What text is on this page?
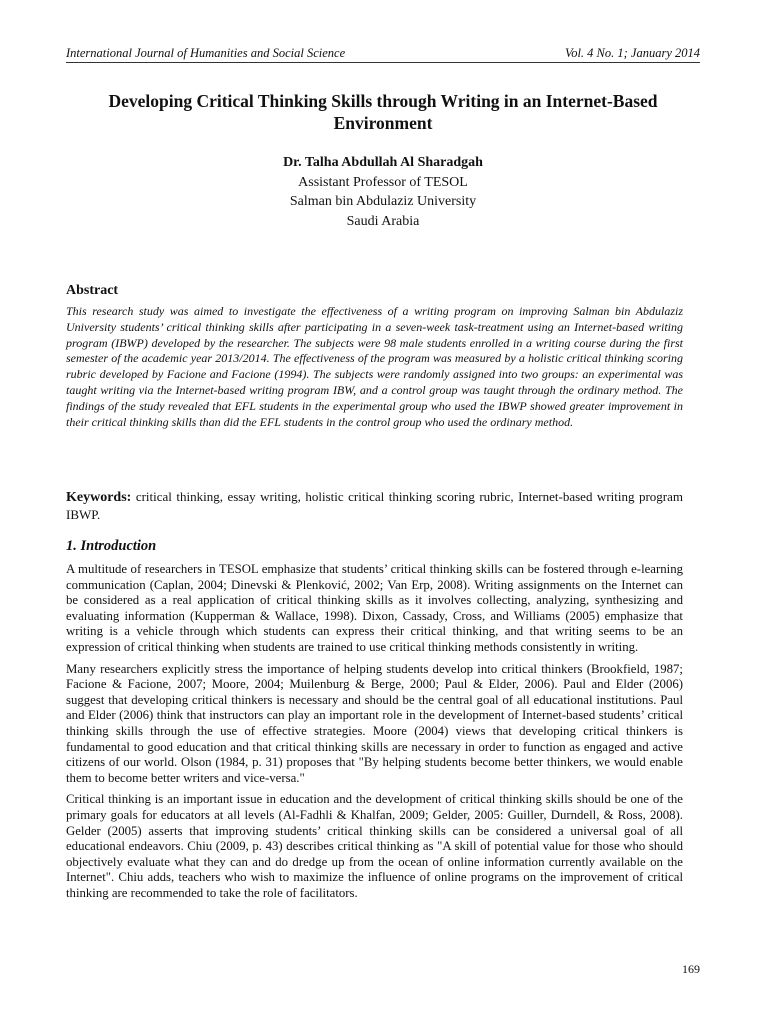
International Journal of Humanities and Social Science	Vol. 4 No. 1; January 2014
Developing Critical Thinking Skills through Writing in an Internet-Based Environment
Dr. Talha Abdullah Al Sharadgah
Assistant Professor of TESOL
Salman bin Abdulaziz University
Saudi Arabia
Abstract

This research study was aimed to investigate the effectiveness of a writing program on improving Salman bin Abdulaziz University students’ critical thinking skills after participating in a seven-week task-treatment using an Internet-based writing program (IBWP) developed by the researcher. The subjects were 98 male students enrolled in a writing course during the first semester of the academic year 2013/2014. The effectiveness of the program was measured by a holistic critical thinking scoring rubric developed by Facione and Facione (1994). The subjects were randomly assigned into two groups: an experimental was taught writing via the Internet-based writing program IBW, and a control group was taught through the ordinary method. The findings of the study revealed that EFL students in the experimental group who used the IBWP showed greater improvement in their critical thinking skills than did the EFL students in the control group who used the ordinary method.

Keywords: critical thinking, essay writing, holistic critical thinking scoring rubric, Internet-based writing program IBWP.

1. Introduction

A multitude of researchers in TESOL emphasize that students’ critical thinking skills can be fostered through e-learning communication (Caplan, 2004; Dinevski & Plenković, 2002; Van Erp, 2008). Writing assignments on the Internet can be considered as a real application of critical thinking skills as it involves collecting, analyzing, synthesizing and evaluating information (Kupperman & Wallace, 1998). Dixon, Cassady, Cross, and Williams (2005) emphasize that writing is a vehicle through which students can express their critical thinking, and that writing seems to be an expression of critical thinking when students are trained to use critical thinking methods consistently in writing.

Many researchers explicitly stress the importance of helping students develop into critical thinkers (Brookfield, 1987; Facione & Facione, 2007; Moore, 2004; Muilenburg & Berge, 2000; Paul & Elder, 2006). Paul and Elder (2006) suggest that developing critical thinkers is necessary and should be the central goal of all educational institutions. Paul and Elder (2006) think that instructors can play an important role in the development of Internet-based students’ critical thinking skills through the use of effective strategies. Moore (2004) views that developing critical thinkers is fundamental to good education and that critical thinking skills are necessary in order to function as engaged and active citizens of our world. Olson (1984, p. 31) proposes that "By helping students become better thinkers, we would enable them to become better writers and vice-versa."

Critical thinking is an important issue in education and the development of critical thinking skills should be one of the primary goals for educators at all levels (Al-Fadhli & Khalfan, 2009; Gelder, 2005: Guiller, Durndell, & Ross, 2008). Gelder (2005) asserts that improving students’ critical thinking skills can be considered a universal goal of all educational endeavors. Chiu (2009, p. 43) describes critical thinking as "A skill of potential value for those who should objectively evaluate what they can and do dredge up from the ocean of online information currently available on the Internet". Chiu adds, teachers who wish to maximize the influence of online programs on the improvement of critical thinking are recommended to take the role of facilitators.

169
